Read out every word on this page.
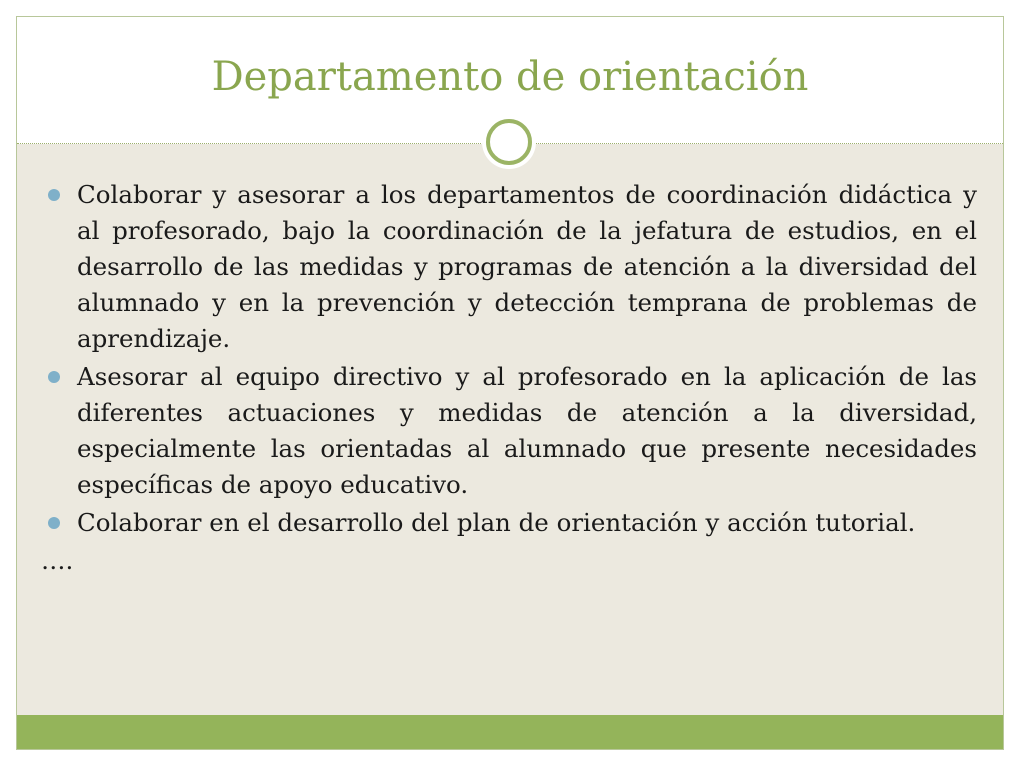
Departamento de orientación
Colaborar y asesorar a los departamentos de coordinación didáctica y al profesorado, bajo la coordinación de la jefatura de estudios, en el desarrollo de las medidas y programas de atención a la diversidad del alumnado y en la prevención y detección temprana de problemas de aprendizaje.
Asesorar al equipo directivo y al profesorado en la aplicación de las diferentes actuaciones y medidas de atención a la diversidad, especialmente las orientadas al alumnado que presente necesidades específicas de apoyo educativo.
Colaborar en el desarrollo del plan de orientación y acción tutorial.
….
